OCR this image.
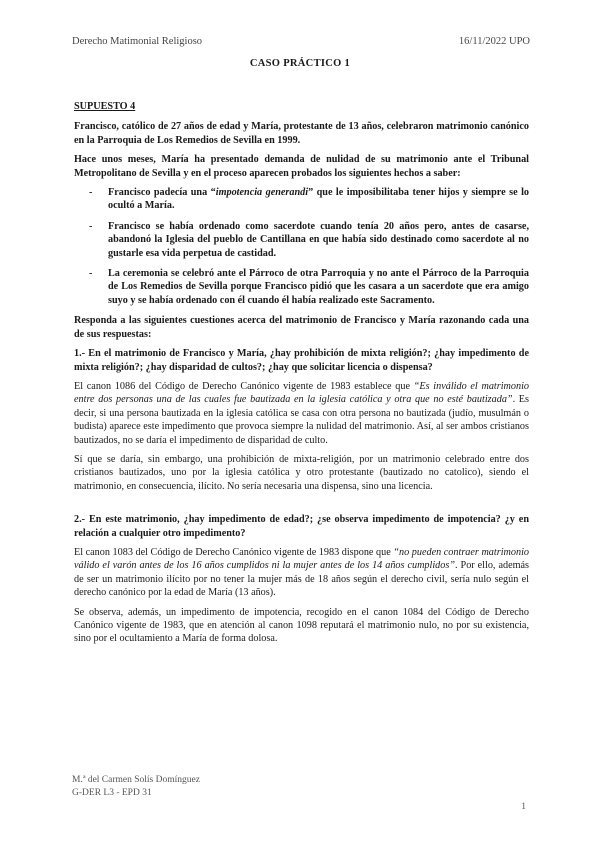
Derecho Matimonial Religioso	16/11/2022 UPO
CASO PRÁCTICO 1

SUPUESTO 4

Francisco, católico de 27 años de edad y María, protestante de 13 años, celebraron matrimonio canónico en la Parroquia de Los Remedios de Sevilla en 1999.

Hace unos meses, María ha presentado demanda de nulidad de su matrimonio ante el Tribunal Metropolitano de Sevilla y en el proceso aparecen probados los siguientes hechos a saber:

- Francisco padecía una “impotencia generandi” que le imposibilitaba tener hijos y siempre se lo ocultó a María.
- Francisco se había ordenado como sacerdote cuando tenía 20 años pero, antes de casarse, abandonó la Iglesia del pueblo de Cantillana en que había sido destinado como sacerdote al no gustarle esa vida perpetua de castidad.
- La ceremonia se celebró ante el Párroco de otra Parroquia y no ante el Párroco de la Parroquia de Los Remedios de Sevilla porque Francisco pidió que les casara a un sacerdote que era amigo suyo y se había ordenado con él cuando él había realizado este Sacramento.

Responda a las siguientes cuestiones acerca del matrimonio de Francisco y María razonando cada una de sus respuestas:

1.- En el matrimonio de Francisco y María, ¿hay prohibición de mixta religión?; ¿hay impedimento de mixta religión?; ¿hay disparidad de cultos?; ¿hay que solicitar licencia o dispensa?

El canon 1086 del Código de Derecho Canónico vigente de 1983 establece que “Es inválido el matrimonio entre dos personas una de las cuales fue bautizada en la iglesia católica y otra que no esté bautizada”. Es decir, si una persona bautizada en la iglesia católica se casa con otra persona no bautizada (judío, musulmán o budista) aparece este impedimento que provoca siempre la nulidad del matrimonio. Así, al ser ambos cristianos bautizados, no se daría el impedimento de disparidad de culto.

Sí que se daría, sin embargo, una prohibición de mixta-religión, por un matrimonio celebrado entre dos cristianos bautizados, uno por la iglesia católica y otro protestante (bautizado no catolico), siendo el matrimonio, en consecuencia, ilícito. No sería necesaria una dispensa, sino una licencia.

2.- En este matrimonio, ¿hay impedimento de edad?; ¿se observa impedimento de impotencia? ¿y en relación a cualquier otro impedimento?

El canon 1083 del Código de Derecho Canónico vigente de 1983 dispone que “no pueden contraer matrimonio válido el varón antes de los 16 años cumplidos ni la mujer antes de los 14 años cumplidos”. Por ello, además de ser un matrimonio ilícito por no tener la mujer más de 18 años según el derecho civil, sería nulo según el derecho canónico por la edad de María (13 años).

Se observa, además, un impedimento de impotencia, recogido en el canon 1084 del Código de Derecho Canónico vigente de 1983, que en atención al canon 1098 reputará el matrimonio nulo, no por su existencia, sino por el ocultamiento a María de forma dolosa.

M.ª del Carmen Solís Domínguez
G-DER L3 - EPD 31
1
